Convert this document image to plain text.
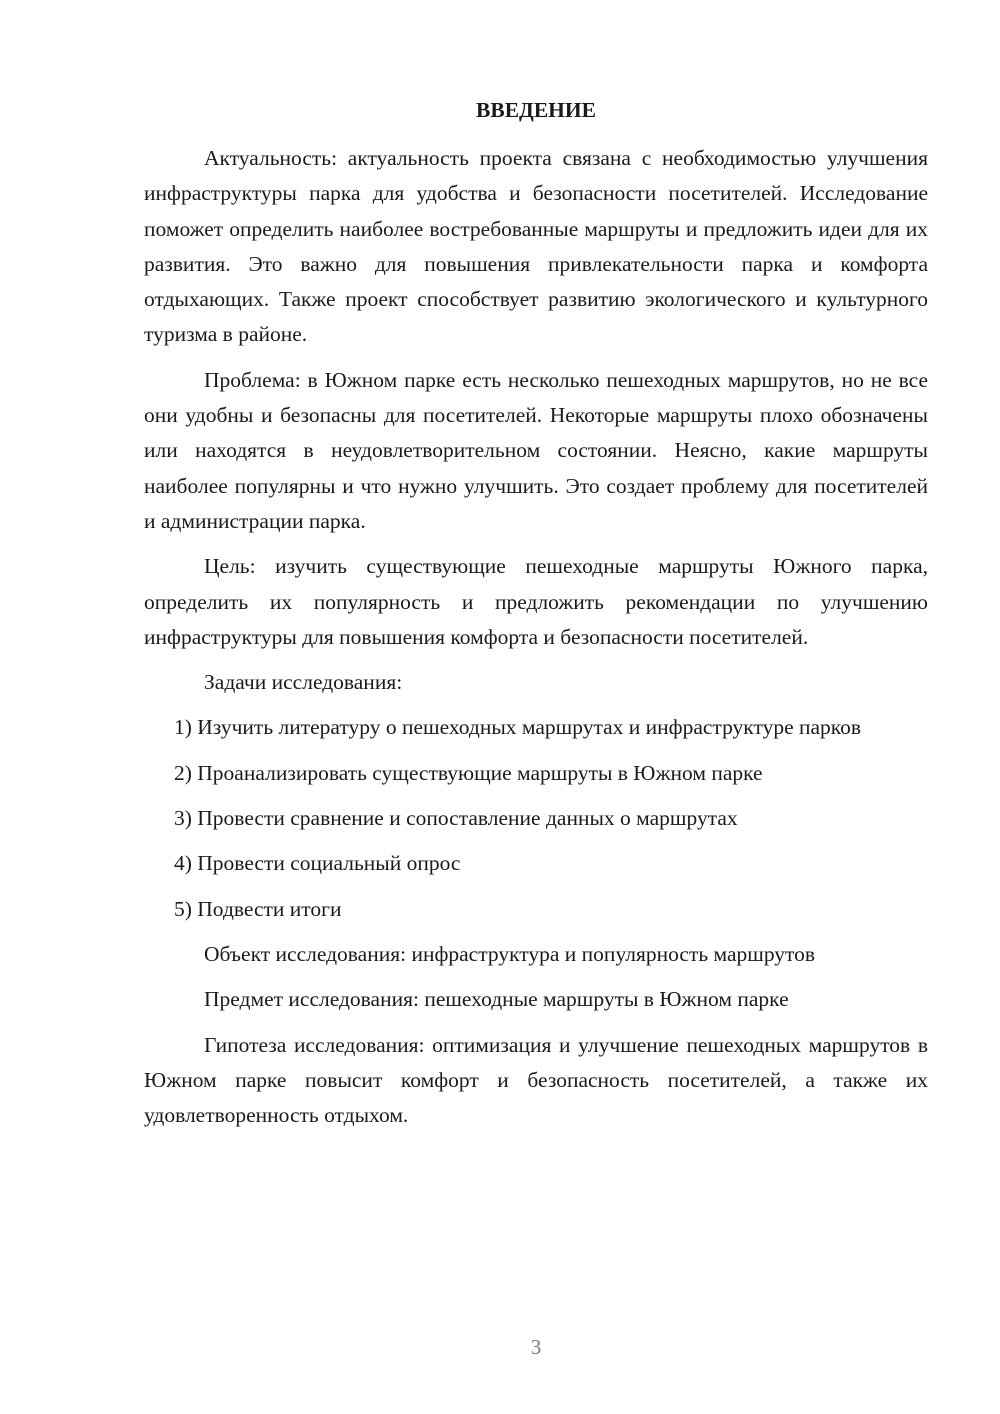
ВВЕДЕНИЕ

Актуальность: актуальность проекта связана с необходимостью улучшения инфраструктуры парка для удобства и безопасности посетителей. Исследование поможет определить наиболее востребованные маршруты и предложить идеи для их развития. Это важно для повышения привлекательности парка и комфорта отдыхающих. Также проект способствует развитию экологического и культурного туризма в районе.

Проблема: в Южном парке есть несколько пешеходных маршрутов, но не все они удобны и безопасны для посетителей. Некоторые маршруты плохо обозначены или находятся в неудовлетворительном состоянии. Неясно, какие маршруты наиболее популярны и что нужно улучшить. Это создает проблему для посетителей и администрации парка.

Цель: изучить существующие пешеходные маршруты Южного парка, определить их популярность и предложить рекомендации по улучшению инфраструктуры для повышения комфорта и безопасности посетителей.

Задачи исследования:

1) Изучить литературу о пешеходных маршрутах и инфраструктуре парков

2) Проанализировать существующие маршруты в Южном парке

3) Провести сравнение и сопоставление данных о маршрутах

4) Провести социальный опрос

5) Подвести итоги

Объект исследования: инфраструктура и популярность маршрутов

Предмет исследования: пешеходные маршруты в Южном парке

Гипотеза исследования: оптимизация и улучшение пешеходных маршрутов в Южном парке повысит комфорт и безопасность посетителей, а также их удовлетворенность отдыхом.

3
